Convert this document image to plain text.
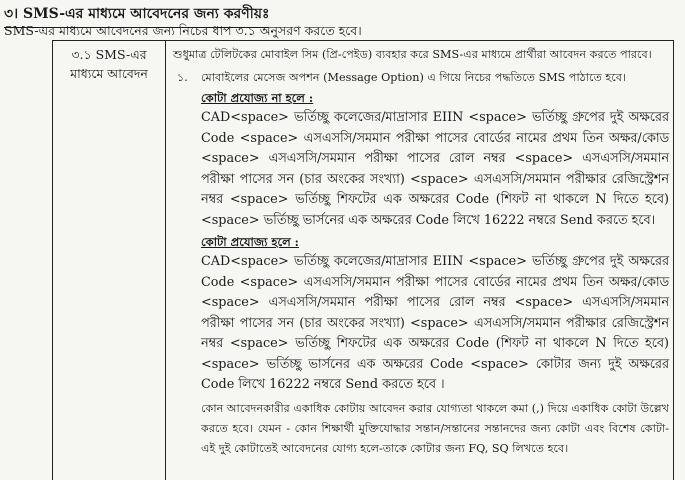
৩। SMS-এর মাধ্যমে আবেদনের জন্য করণীয়ঃ
SMS-এর মাধ্যমে আবেদনের জন্য নিচের ধাপ ৩.১ অনুসরণ করতে হবে।
৩.১ SMS-এর মাধ্যমে আবেদন

শুধুমাত্র টেলিটকের মোবাইল সিম (প্রি-পেইড) ব্যবহার করে SMS-এর মাধ্যমে প্রার্থীরা আবেদন করতে পারবে।

১. মোবাইলের মেসেজ অপশন (Message Option) এ গিয়ে নিচের পদ্ধতিতে SMS পাঠাতে হবে।
কোটা প্রযোজ্য না হলে :
CAD<space> ভর্তিচ্ছু কলেজের/মাদ্রাসার EIIN <space> ভর্তিচ্ছু গ্রুপের দুই অক্ষরের Code <space> এসএসসি/সমমান পরীক্ষা পাসের বোর্ডের নামের প্রথম তিন অক্ষর/কোড <space> এসএসসি/সমমান পরীক্ষা পাসের রোল নম্বর <space> এসএসসি/সমমান পরীক্ষা পাসের সন (চার অংকের সংখ্যা) <space> এসএসসি/সমমান পরীক্ষার রেজিস্ট্রেশন নম্বর <space> ভর্তিচ্ছু শিফটের এক অক্ষরের Code (শিফট না থাকলে N দিতে হবে) <space> ভর্তিচ্ছু ভার্সনের এক অক্ষরের Code লিখে 16222 নম্বরে Send করতে হবে।
কোটা প্রযোজ্য হলে :
CAD<space> ভর্তিচ্ছু কলেজের/মাদ্রাসার EIIN <space> ভর্তিচ্ছু গ্রুপের দুই অক্ষরের Code <space> এসএসসি/সমমান পরীক্ষা পাসের বোর্ডের নামের প্রথম তিন অক্ষর/কোড <space> এসএসসি/সমমান পরীক্ষা পাসের রোল নম্বর <space> এসএসসি/সমমান পরীক্ষা পাসের সন (চার অংকের সংখ্যা) <space> এসএসসি/সমমান পরীক্ষার রেজিস্ট্রেশন নম্বর <space> ভর্তিচ্ছু শিফটের এক অক্ষরের Code (শিফট না থাকলে N দিতে হবে) <space> ভর্তিচ্ছু ভার্সনের এক অক্ষরের Code <space> কোটার জন্য দুই অক্ষরের Code লিখে 16222 নম্বরে Send করতে হবে ।
কোন আবেদনকারীর একাধিক কোটায় আবেদন করার যোগ্যতা থাকলে কমা (,) দিয়ে একাধিক কোটা উল্লেখ করতে হবে। যেমন - কোন শিক্ষার্থী মুক্তিযোদ্ধার সন্তান/সন্তানের সন্তানদের জন্য কোটা এবং বিশেষ কোটা- এই দুই কোটাতেই আবেদনের যোগ্য হলে-তাকে কোটার জন্য FQ, SQ লিখতে হবে।
